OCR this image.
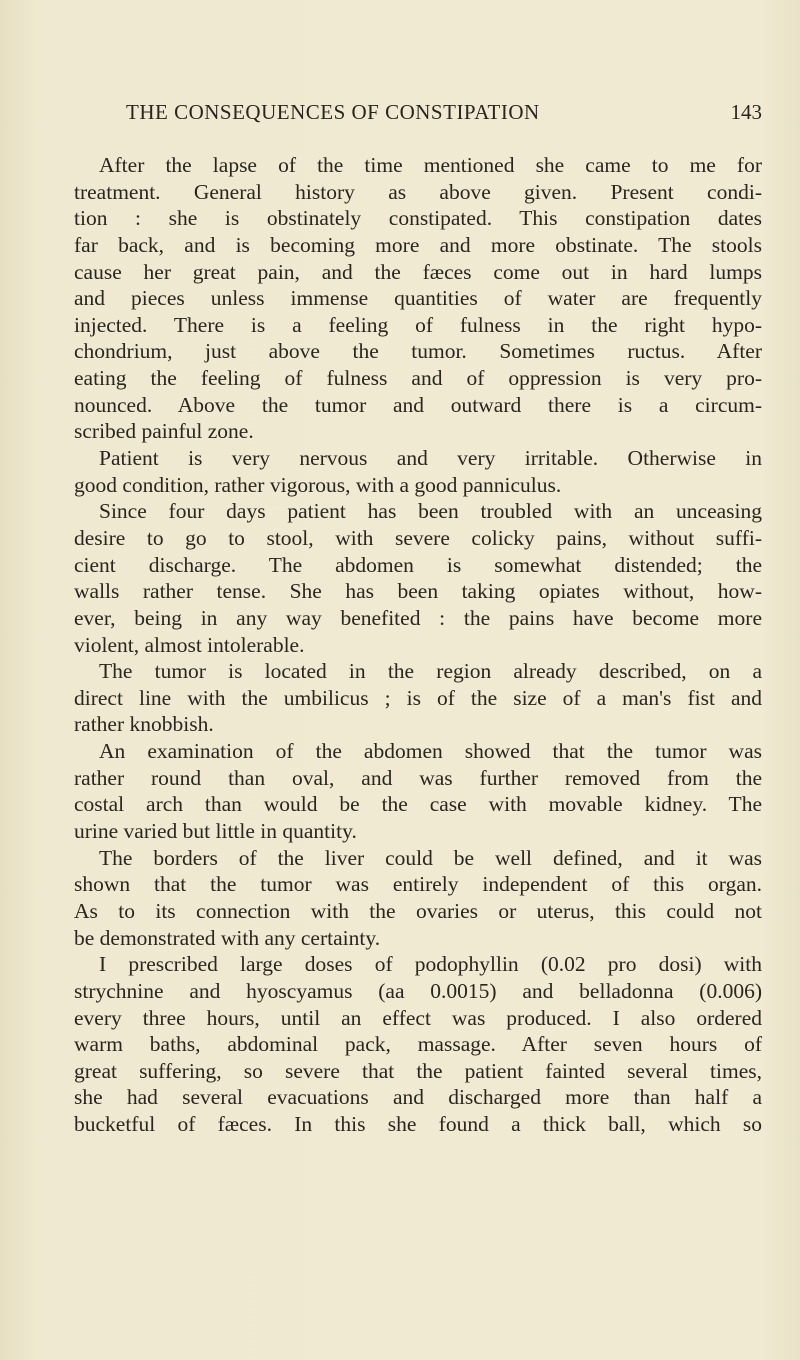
THE CONSEQUENCES OF CONSTIPATION	143
After the lapse of the time mentioned she came to me for
treatment. General history as above given. Present condi-
tion : she is obstinately constipated. This constipation dates
far back, and is becoming more and more obstinate. The stools
cause her great pain, and the fæces come out in hard lumps
and pieces unless immense quantities of water are frequently
injected. There is a feeling of fulness in the right hypo-
chondrium, just above the tumor. Sometimes ructus. After
eating the feeling of fulness and of oppression is very pro-
nounced. Above the tumor and outward there is a circum-
scribed painful zone.
Patient is very nervous and very irritable. Otherwise in
good condition, rather vigorous, with a good panniculus.
Since four days patient has been troubled with an unceasing
desire to go to stool, with severe colicky pains, without suffi-
cient discharge. The abdomen is somewhat distended; the
walls rather tense. She has been taking opiates without, how-
ever, being in any way benefited : the pains have become more
violent, almost intolerable.
The tumor is located in the region already described, on a
direct line with the umbilicus ; is of the size of a man's fist and
rather knobbish.
An examination of the abdomen showed that the tumor was
rather round than oval, and was further removed from the
costal arch than would be the case with movable kidney. The
urine varied but little in quantity.
The borders of the liver could be well defined, and it was
shown that the tumor was entirely independent of this organ.
As to its connection with the ovaries or uterus, this could not
be demonstrated with any certainty.
I prescribed large doses of podophyllin (0.02 pro dosi) with
strychnine and hyoscyamus (aa 0.0015) and belladonna (0.006)
every three hours, until an effect was produced. I also ordered
warm baths, abdominal pack, massage. After seven hours of
great suffering, so severe that the patient fainted several times,
she had several evacuations and discharged more than half a
bucketful of fæces. In this she found a thick ball, which so
